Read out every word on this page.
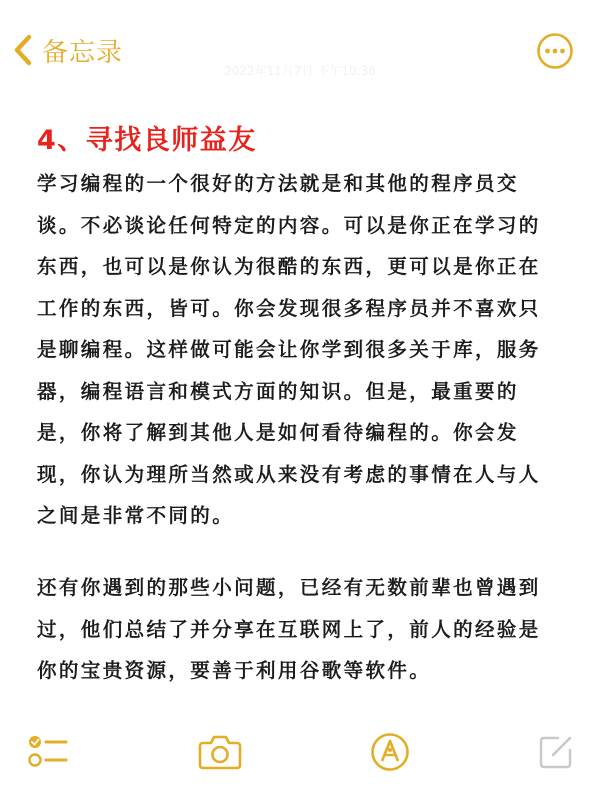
备忘录
2022年11月7日 下午10:36
4、寻找良师益友
学习编程的一个很好的方法就是和其他的程序员交
谈。不必谈论任何特定的内容。可以是你正在学习的
东西，也可以是你认为很酷的东西，更可以是你正在
工作的东西，皆可。你会发现很多程序员并不喜欢只
是聊编程。这样做可能会让你学到很多关于库，服务
器，编程语言和模式方面的知识。但是，最重要的
是，你将了解到其他人是如何看待编程的。你会发
现，你认为理所当然或从来没有考虑的事情在人与人
之间是非常不同的。
还有你遇到的那些小问题，已经有无数前辈也曾遇到
过，他们总结了并分享在互联网上了，前人的经验是
你的宝贵资源，要善于利用谷歌等软件。
